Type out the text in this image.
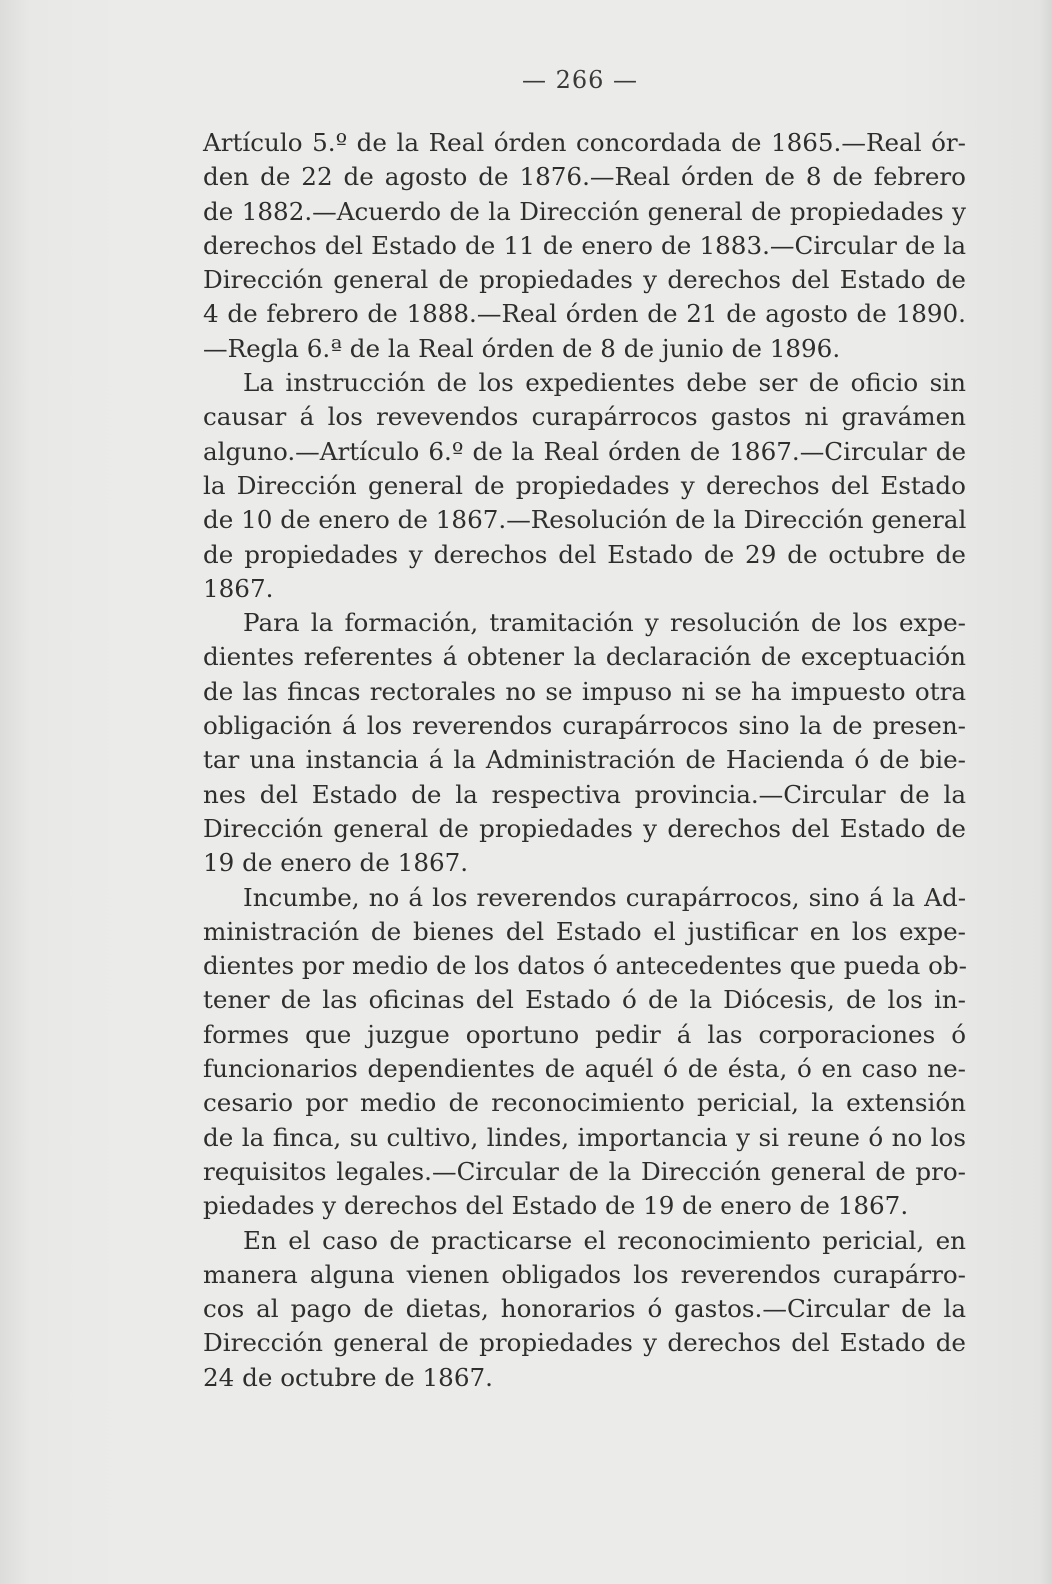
— 266 —
Artículo 5.º de la Real órden concordada de 1865.—Real ór-
den de 22 de agosto de 1876.—Real órden de 8 de febrero
de 1882.—Acuerdo de la Dirección general de propiedades y
derechos del Estado de 11 de enero de 1883.—Circular de la
Dirección general de propiedades y derechos del Estado de
4 de febrero de 1888.—Real órden de 21 de agosto de 1890.
—Regla 6.ª de la Real órden de 8 de junio de 1896.
La instrucción de los expedientes debe ser de oficio sin
causar á los revevendos curapárrocos gastos ni gravámen
alguno.—Artículo 6.º de la Real órden de 1867.—Circular de
la Dirección general de propiedades y derechos del Estado
de 10 de enero de 1867.—Resolución de la Dirección general
de propiedades y derechos del Estado de 29 de octubre de
1867.
Para la formación, tramitación y resolución de los expe-
dientes referentes á obtener la declaración de exceptuación
de las fincas rectorales no se impuso ni se ha impuesto otra
obligación á los reverendos curapárrocos sino la de presen-
tar una instancia á la Administración de Hacienda ó de bie-
nes del Estado de la respectiva provincia.—Circular de la
Dirección general de propiedades y derechos del Estado de
19 de enero de 1867.
Incumbe, no á los reverendos curapárrocos, sino á la Ad-
ministración de bienes del Estado el justificar en los expe-
dientes por medio de los datos ó antecedentes que pueda ob-
tener de las oficinas del Estado ó de la Diócesis, de los in-
formes que juzgue oportuno pedir á las corporaciones ó
funcionarios dependientes de aquél ó de ésta, ó en caso ne-
cesario por medio de reconocimiento pericial, la extensión
de la finca, su cultivo, lindes, importancia y si reune ó no los
requisitos legales.—Circular de la Dirección general de pro-
piedades y derechos del Estado de 19 de enero de 1867.
En el caso de practicarse el reconocimiento pericial, en
manera alguna vienen obligados los reverendos curapárro-
cos al pago de dietas, honorarios ó gastos.—Circular de la
Dirección general de propiedades y derechos del Estado de
24 de octubre de 1867.
